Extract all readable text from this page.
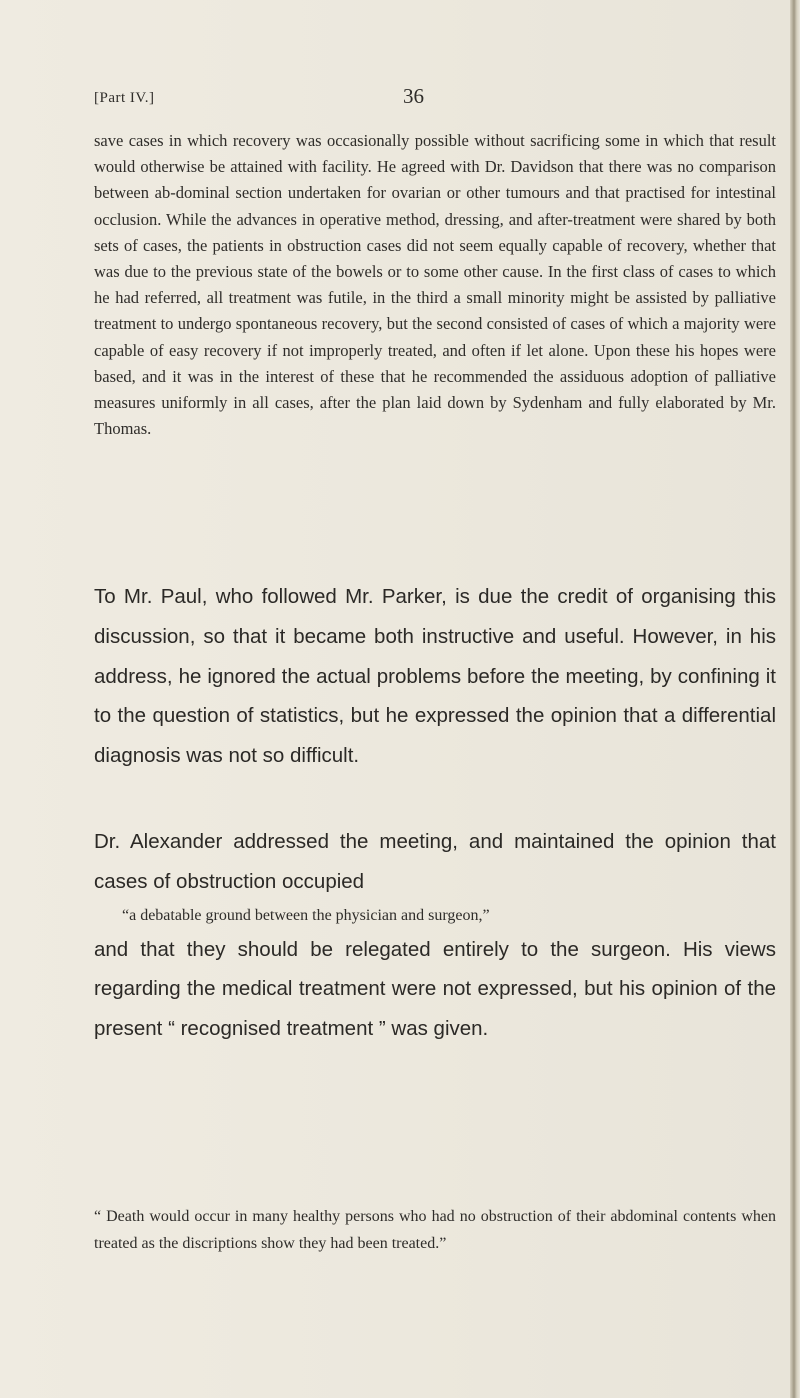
[Part IV.]	36

save cases in which recovery was occasionally possible without sacrificing some in which that result would otherwise be attained with facility. He agreed with Dr. Davidson that there was no comparison between ab-dominal section undertaken for ovarian or other tumours and that practised for intestinal occlusion. While the advances in operative method, dressing, and after-treatment were shared by both sets of cases, the patients in obstruction cases did not seem equally capable of recovery, whether that was due to the previous state of the bowels or to some other cause. In the first class of cases to which he had referred, all treatment was futile, in the third a small minority might be assisted by palliative treatment to undergo spontaneous recovery, but the second consisted of cases of which a majority were capable of easy recovery if not improperly treated, and often if let alone. Upon these his hopes were based, and it was in the interest of these that he recommended the assiduous adoption of palliative measures uniformly in all cases, after the plan laid down by Sydenham and fully elaborated by Mr. Thomas.

To Mr. Paul, who followed Mr. Parker, is due the credit of organising this discussion, so that it became both instructive and useful. However, in his address, he ignored the actual problems before the meeting, by confining it to the question of statistics, but he expressed the opinion that a differential diagnosis was not so difficult.

Dr. Alexander addressed the meeting, and maintained the opinion that cases of obstruction occupied

“a debatable ground between the physician and surgeon,”

and that they should be relegated entirely to the surgeon. His views regarding the medical treatment were not expressed, but his opinion of the present “ recognised treatment ” was given.

“ Death would occur in many healthy persons who had no obstruction of their abdominal contents when treated as the discriptions show they had been treated.”
